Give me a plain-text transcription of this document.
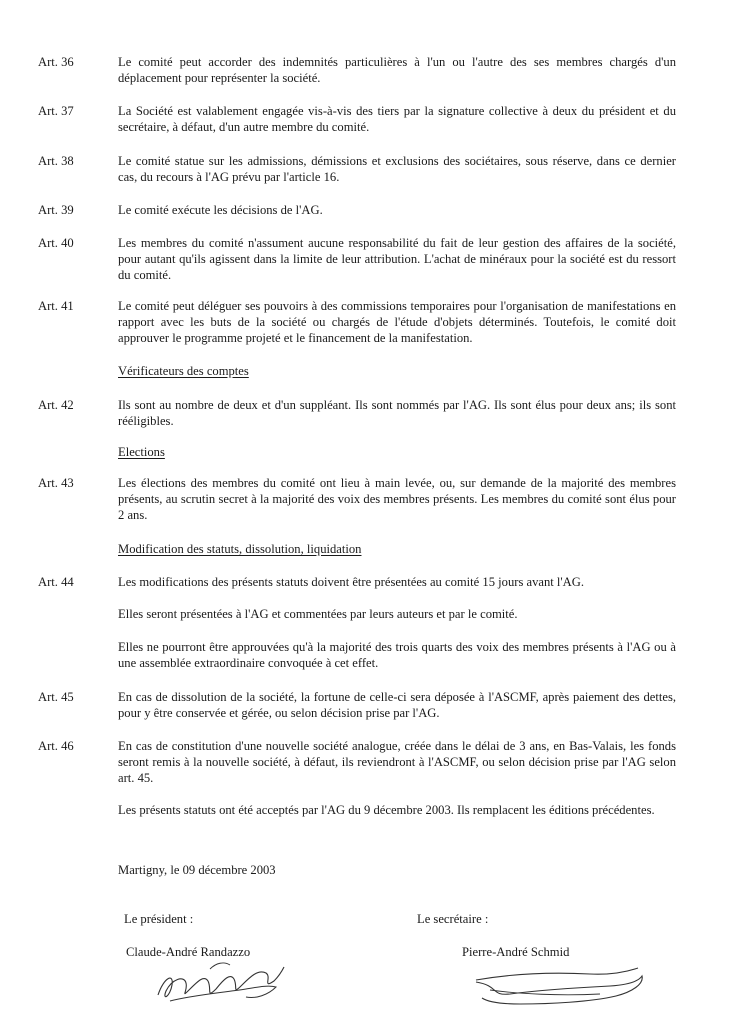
Art. 36	Le comité peut accorder des indemnités particulières à l'un ou l'autre des ses membres chargés d'un déplacement pour représenter la société.
Art. 37	La Société est valablement engagée vis-à-vis des tiers par la signature collective à deux du président et du secrétaire, à défaut, d'un autre membre du comité.
Art. 38	Le comité statue sur les admissions, démissions et exclusions des sociétaires, sous réserve, dans ce dernier cas, du recours à l'AG prévu par l'article 16.
Art. 39	Le comité exécute les décisions de l'AG.
Art. 40	Les membres du comité n'assument aucune responsabilité du fait de leur gestion des affaires de la société, pour autant qu'ils agissent dans la limite de leur attribution. L'achat de minéraux pour la société est du ressort du comité.
Art. 41	Le comité peut déléguer ses pouvoirs à des commissions temporaires pour l'organisation de manifestations en rapport avec les buts de la société ou chargés de l'étude d'objets déterminés. Toutefois, le comité doit approuver le programme projeté et le financement de la manifestation.
Vérificateurs des comptes
Art. 42	Ils sont au nombre de deux et d'un suppléant. Ils sont nommés par l'AG. Ils sont élus pour deux ans; ils sont rééligibles.
Elections
Art. 43	Les élections des membres du comité ont lieu à main levée, ou, sur demande de la majorité des membres présents, au scrutin secret à la majorité des voix des membres présents. Les membres du comité sont élus pour 2 ans.
Modification des statuts, dissolution, liquidation
Art. 44	Les modifications des présents statuts doivent être présentées au comité 15 jours avant l'AG.
Elles seront présentées à l'AG et commentées par leurs auteurs et par le comité.
Elles ne pourront être approuvées qu'à la majorité des trois quarts des voix des membres présents à l'AG ou à une assemblée extraordinaire convoquée à cet effet.
Art. 45	En cas de dissolution de la société, la fortune de celle-ci sera déposée à l'ASCMF, après paiement des dettes, pour y être conservée et gérée, ou selon décision prise par l'AG.
Art. 46	En cas de constitution d'une nouvelle société analogue, créée dans le délai de 3 ans, en Bas-Valais, les fonds seront remis à la nouvelle société, à défaut, ils reviendront à l'ASCMF, ou selon décision prise par l'AG selon art. 45.
Les présents statuts ont été acceptés par l'AG du 9 décembre 2003. Ils remplacent les éditions précédentes.
Martigny, le 09 décembre 2003
Le président :	Le secrétaire :
Claude-André Randazzo	Pierre-André Schmid
